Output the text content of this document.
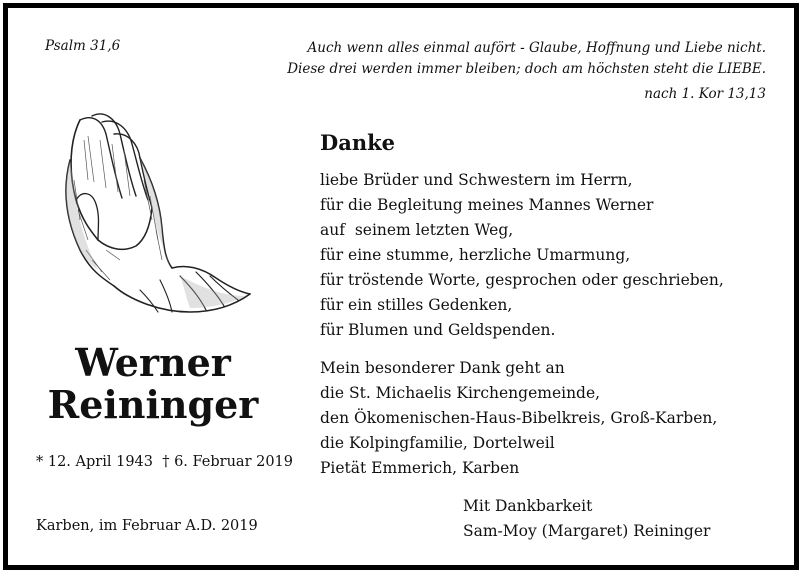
Psalm 31,6	Auch wenn alles einmal aufört - Glaube, Hoffnung und Liebe nicht.
Diese drei werden immer bleiben; doch am höchsten steht die LIEBE.

nach 1. Kor 13,13

Werner
Reininger

* 12. April 1943  † 6. Februar 2019

Karben, im Februar A.D. 2019

Danke

liebe Brüder und Schwestern im Herrn,
für die Begleitung meines Mannes Werner
auf  seinem letzten Weg,
für eine stumme, herzliche Umarmung,
für tröstende Worte, gesprochen oder geschrieben,
für ein stilles Gedenken,
für Blumen und Geldspenden.
Mein besonderer Dank geht an
die St. Michaelis Kirchengemeinde,
den Ökomenischen-Haus-Bibelkreis, Groß-Karben,
die Kolpingfamilie, Dortelweil
Pietät Emmerich, Karben
Mit Dankbarkeit
Sam-Moy (Margaret) Reininger
